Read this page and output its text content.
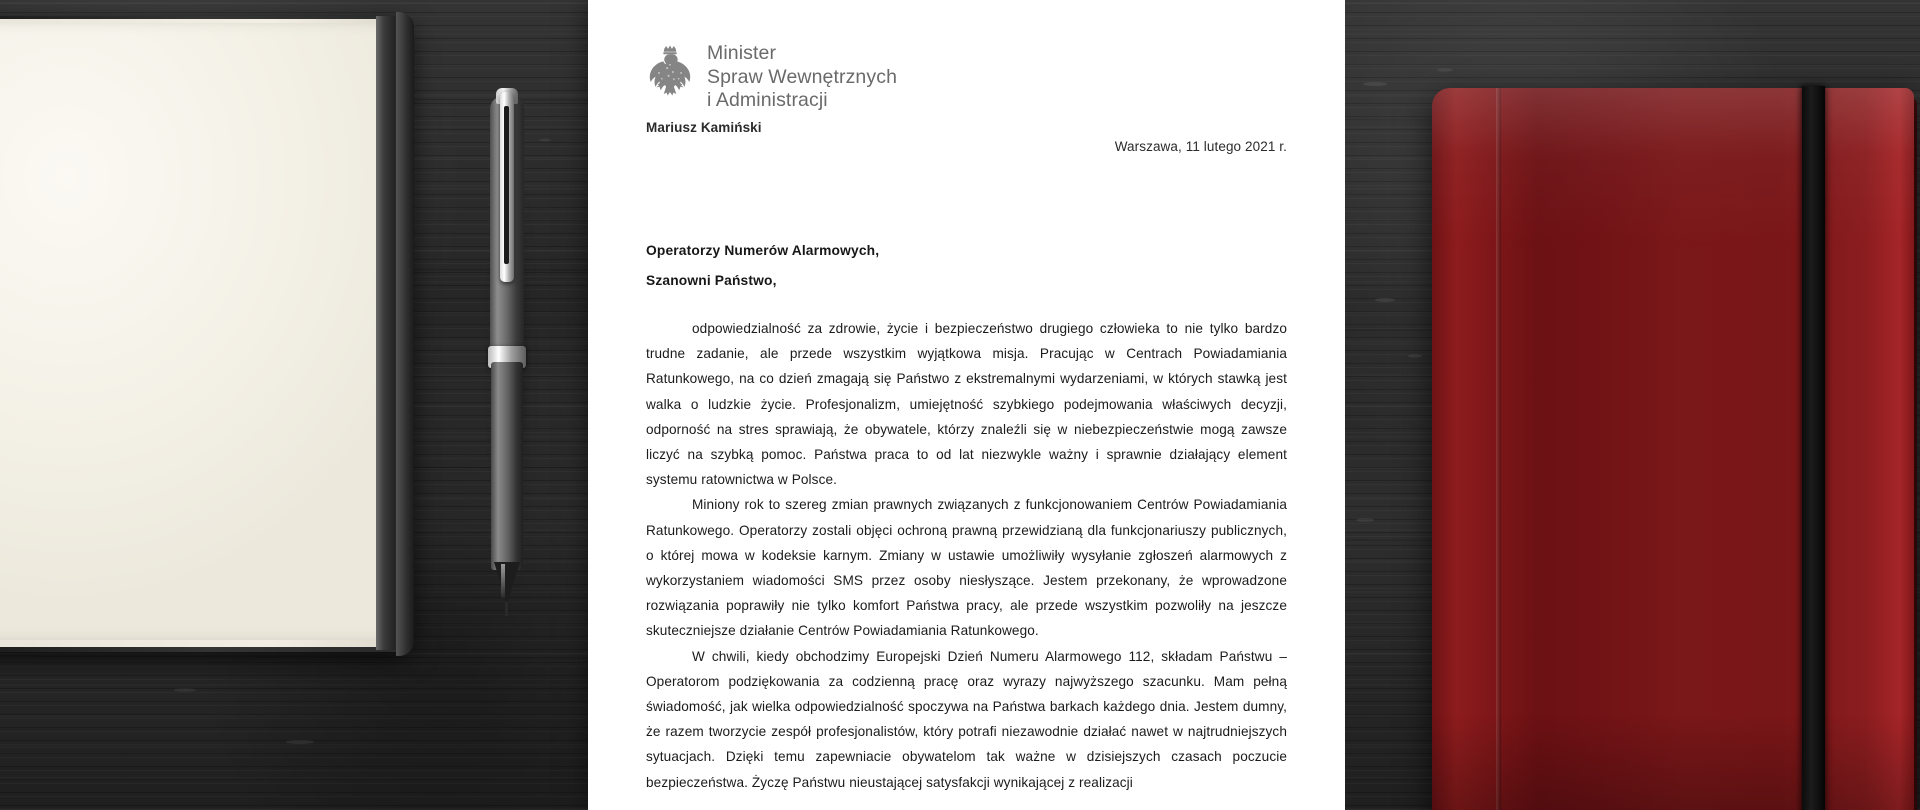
Minister
Spraw Wewnętrznych
i Administracji
Mariusz Kamiński
Warszawa, 11 lutego 2021 r.
Operatorzy Numerów Alarmowych,
Szanowni Państwo,

odpowiedzialność za zdrowie, życie i bezpieczeństwo drugiego człowieka to nie tylko bardzo trudne zadanie, ale przede wszystkim wyjątkowa misja. Pracując w Centrach Powiadamiania Ratunkowego, na co dzień zmagają się Państwo z ekstremalnymi wydarzeniami, w których stawką jest walka o ludzkie życie. Profesjonalizm, umiejętność szybkiego podejmowania właściwych decyzji, odporność na stres sprawiają, że obywatele, którzy znaleźli się w niebezpieczeństwie mogą zawsze liczyć na szybką pomoc. Państwa praca to od lat niezwykle ważny i sprawnie działający element systemu ratownictwa w Polsce.

Miniony rok to szereg zmian prawnych związanych z funkcjonowaniem Centrów Powiadamiania Ratunkowego. Operatorzy zostali objęci ochroną prawną przewidzianą dla funkcjonariuszy publicznych, o której mowa w kodeksie karnym. Zmiany w ustawie umożliwiły wysyłanie zgłoszeń alarmowych z wykorzystaniem wiadomości SMS przez osoby niesłyszące. Jestem przekonany, że wprowadzone rozwiązania poprawiły nie tylko komfort Państwa pracy, ale przede wszystkim pozwoliły na jeszcze skuteczniejsze działanie Centrów Powiadamiania Ratunkowego.

W chwili, kiedy obchodzimy Europejski Dzień Numeru Alarmowego 112, składam Państwu – Operatorom podziękowania za codzienną pracę oraz wyrazy najwyższego szacunku. Mam pełną świadomość, jak wielka odpowiedzialność spoczywa na Państwa barkach każdego dnia. Jestem dumny, że razem tworzycie zespół profesjonalistów, który potrafi niezawodnie działać nawet w najtrudniejszych sytuacjach. Dzięki temu zapewniacie obywatelom tak ważne w dzisiejszych czasach poczucie bezpieczeństwa. Życzę Państwu nieustającej satysfakcji wynikającej z realizacji
